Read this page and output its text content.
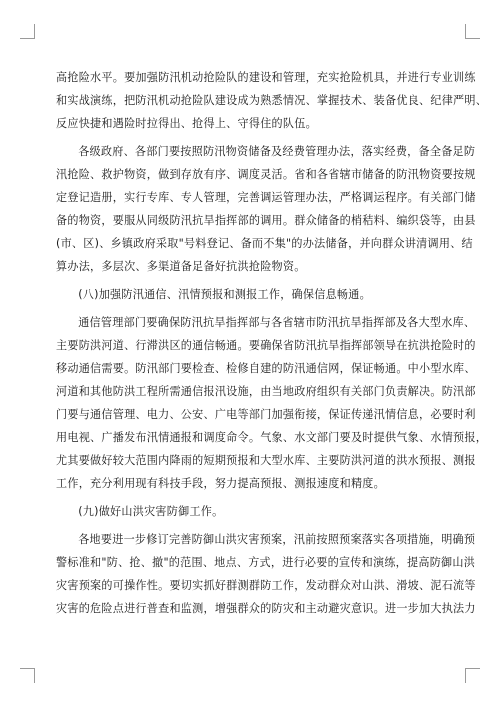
高抢险水平。要加强防汛机动抢险队的建设和管理，充实抢险机具，并进行专业训练
和实战演练，把防汛机动抢险队建设成为熟悉情况、掌握技术、装备优良、纪律严明、
反应快捷和遇险时拉得出、抢得上、守得住的队伍。

各级政府、各部门要按照防汛物资储备及经费管理办法，落实经费，备全备足防
汛抢险、救护物资，做到存放有序、调度灵活。省和各省辖市储备的防汛物资要按规
定登记造册，实行专库、专人管理，完善调运管理办法，严格调运程序。有关部门储
备的物资，要服从同级防汛抗旱指挥部的调用。群众储备的梢秸料、编织袋等，由县
(市、区)、乡镇政府采取"号料登记、备而不集"的办法储备，并向群众讲清调用、结
算办法，多层次、多渠道备足备好抗洪抢险物资。

(八)加强防汛通信、汛情预报和测报工作，确保信息畅通。

通信管理部门要确保防汛抗旱指挥部与各省辖市防汛抗旱指挥部及各大型水库、
主要防洪河道、行滞洪区的通信畅通。要确保省防汛抗旱指挥部领导在抗洪抢险时的
移动通信需要。防汛部门要检查、检修自建的防汛通信网，保证畅通。中小型水库、
河道和其他防洪工程所需通信报汛设施，由当地政府组织有关部门负责解决。防汛部
门要与通信管理、电力、公安、广电等部门加强衔接，保证传递汛情信息，必要时利
用电视、广播发布汛情通报和调度命令。气象、水文部门要及时提供气象、水情预报，
尤其要做好较大范围内降雨的短期预报和大型水库、主要防洪河道的洪水预报、测报
工作，充分利用现有科技手段，努力提高预报、测报速度和精度。

(九)做好山洪灾害防御工作。

各地要进一步修订完善防御山洪灾害预案，汛前按照预案落实各项措施，明确预
警标准和"防、抢、撤"的范围、地点、方式，进行必要的宣传和演练，提高防御山洪
灾害预案的可操作性。要切实抓好群测群防工作，发动群众对山洪、滑坡、泥石流等
灾害的危险点进行普查和监测，增强群众的防灾和主动避灾意识。进一步加大执法力
